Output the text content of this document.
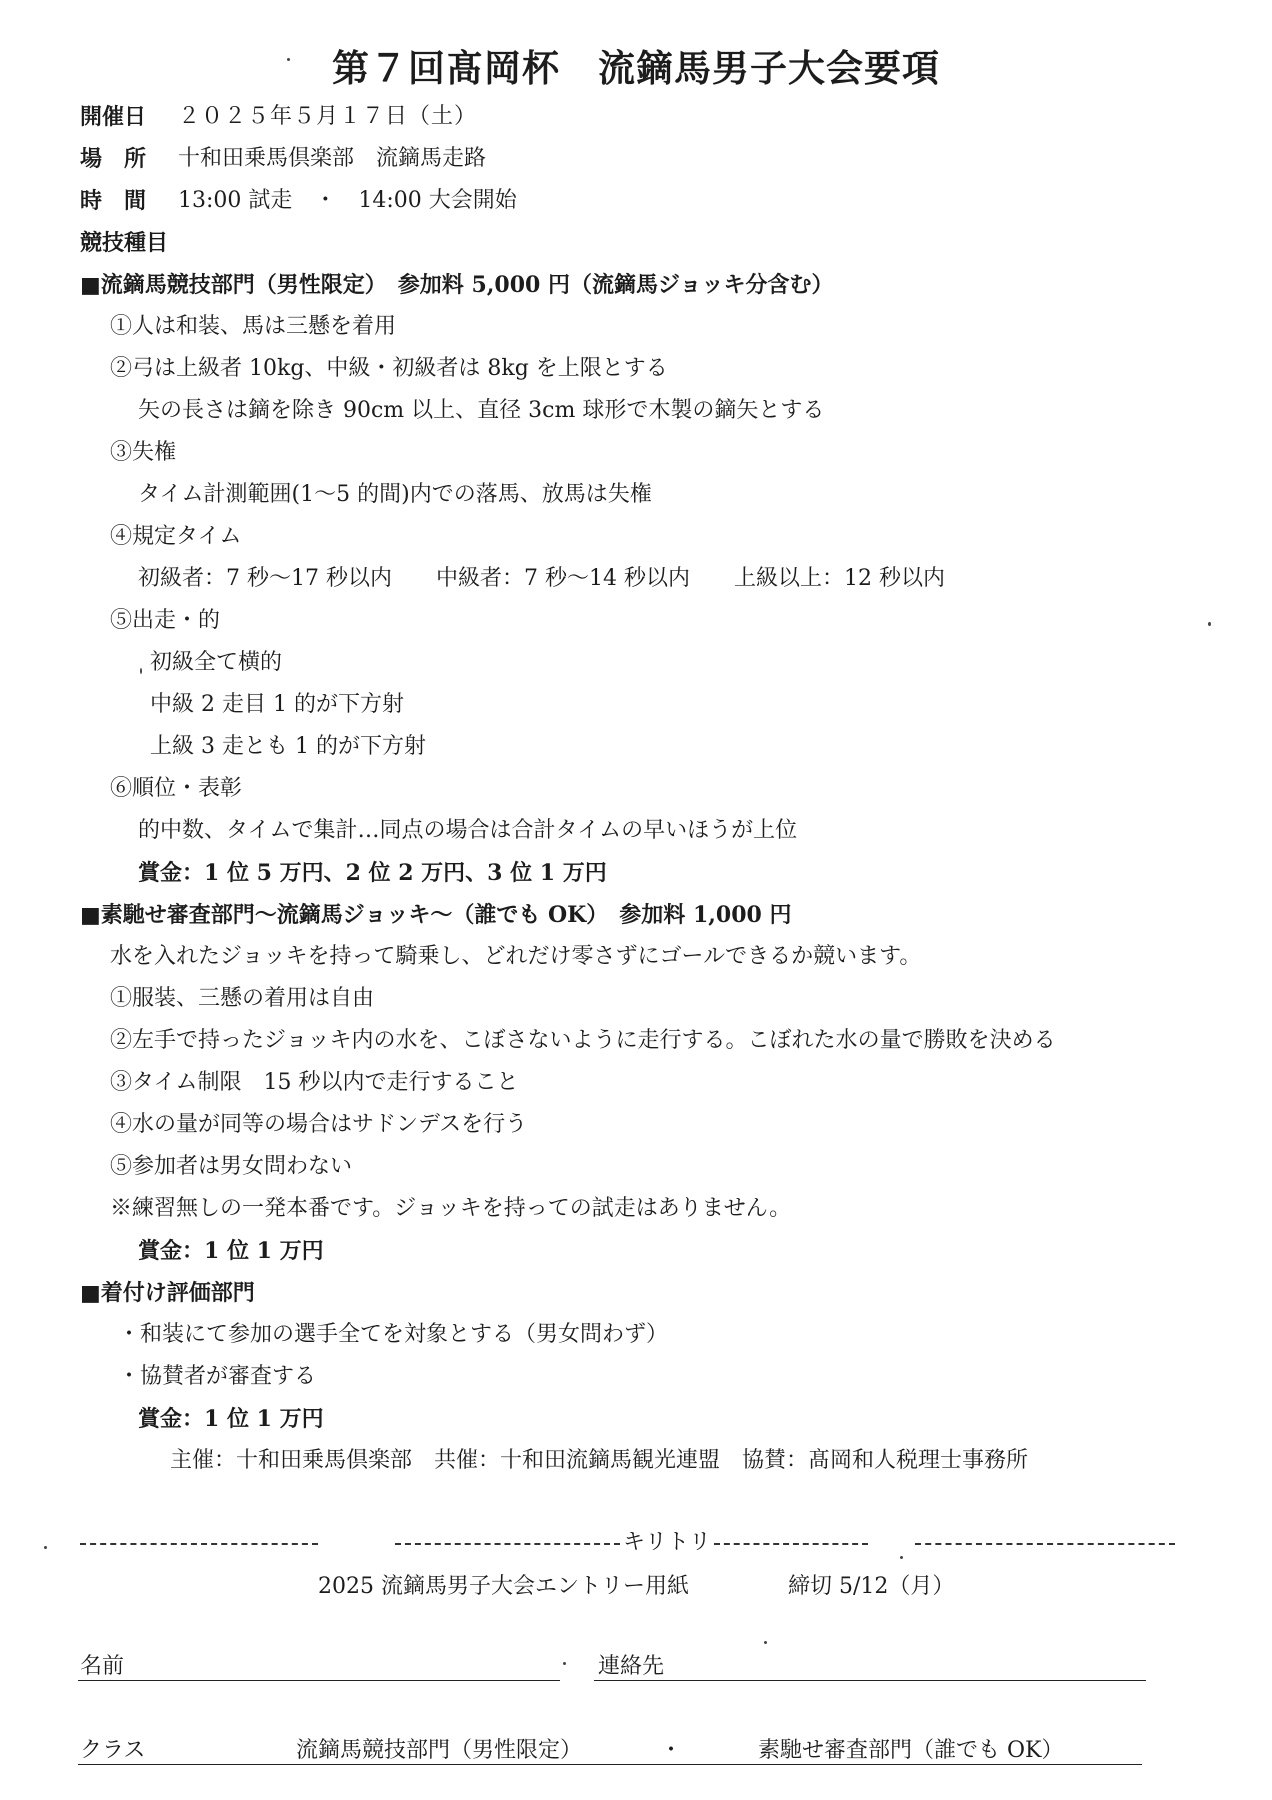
第７回髙岡杯　流鏑馬男子大会要項
開催日 ２０２５年５月１７日（土）
場　所 十和田乗馬倶楽部　流鏑馬走路
時　間 13:00 試走　・　14:00 大会開始
競技種目
■流鏑馬競技部門（男性限定）　参加料 5,000 円（流鏑馬ジョッキ分含む）
①人は和装、馬は三懸を着用
②弓は上級者 10kg、中級・初級者は 8kg を上限とする
矢の長さは鏑を除き 90cm 以上、直径 3cm 球形で木製の鏑矢とする
③失権
タイム計測範囲(1〜5 的間)内での落馬、放馬は失権
④規定タイム
初級者：7 秒〜17 秒以内　　中級者：7 秒〜14 秒以内　　上級以上：12 秒以内
⑤出走・的
初級全て横的
中級 2 走目 1 的が下方射
上級 3 走とも 1 的が下方射
⑥順位・表彰
的中数、タイムで集計…同点の場合は合計タイムの早いほうが上位
賞金：1 位 5 万円、2 位 2 万円、3 位 1 万円
■素馳せ審査部門〜流鏑馬ジョッキ〜（誰でも OK）　参加料 1,000 円
水を入れたジョッキを持って騎乗し、どれだけ零さずにゴールできるか競います。
①服装、三懸の着用は自由
②左手で持ったジョッキ内の水を、こぼさないように走行する。こぼれた水の量で勝敗を決める
③タイム制限　15 秒以内で走行すること
④水の量が同等の場合はサドンデスを行う
⑤参加者は男女問わない
※練習無しの一発本番です。ジョッキを持っての試走はありません。
賞金：1 位 1 万円
■着付け評価部門
・和装にて参加の選手全てを対象とする（男女問わず）
・協賛者が審査する
賞金：1 位 1 万円
主催：十和田乗馬倶楽部　共催：十和田流鏑馬観光連盟　協賛：髙岡和人税理士事務所
キリトリ
2025 流鏑馬男子大会エントリー用紙	締切 5/12（月）
名前	連絡先
クラス	流鏑馬競技部門（男性限定）	・	素馳せ審査部門（誰でも OK）
